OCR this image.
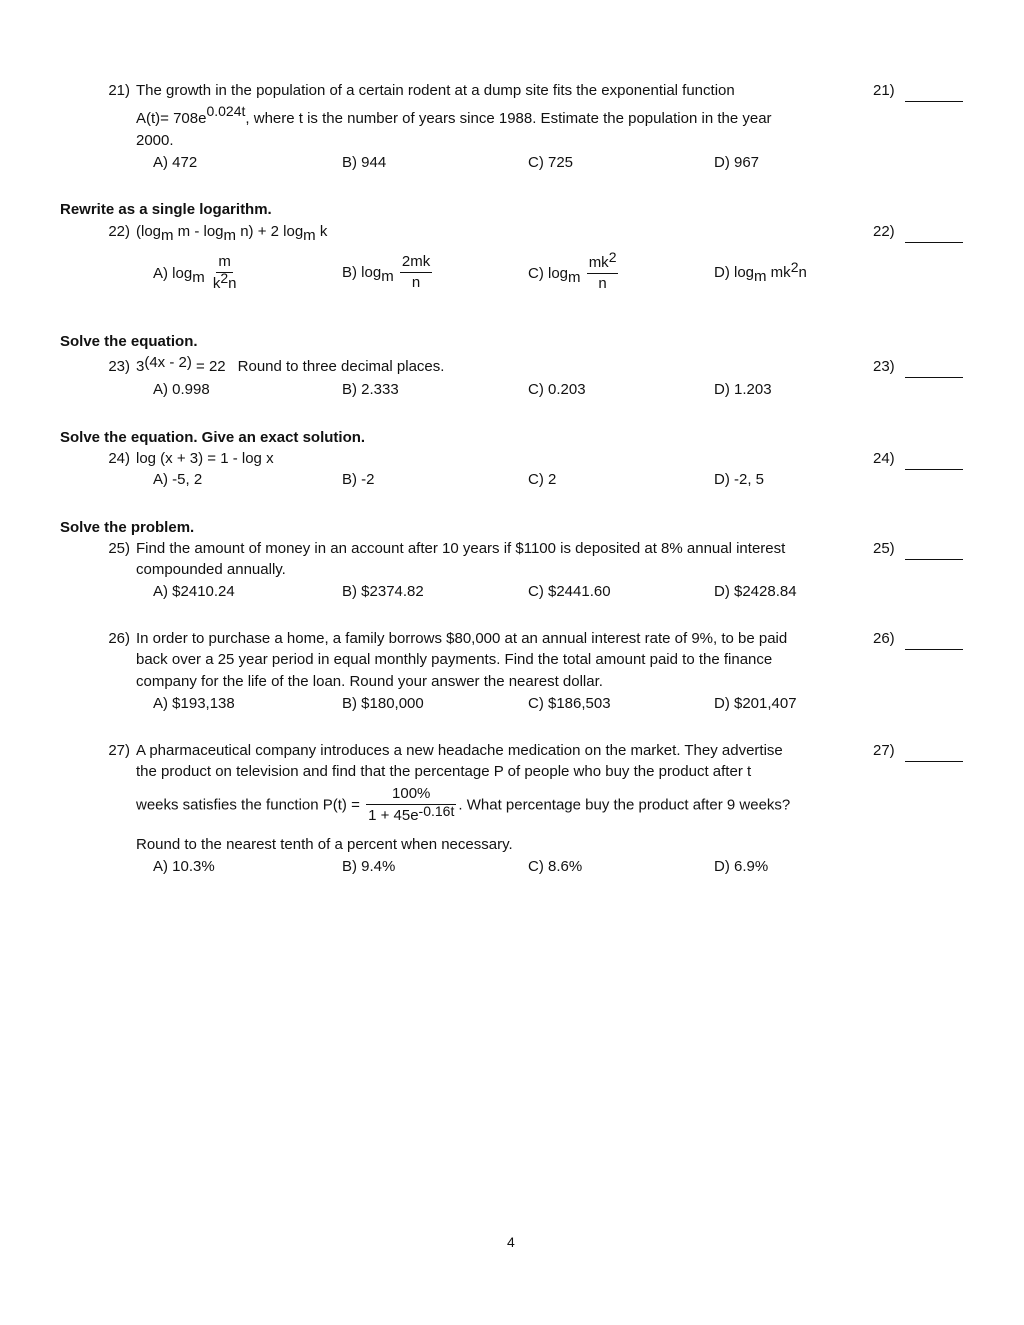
21) The growth in the population of a certain rodent at a dump site fits the exponential function
A(t)= 708e0.024t, where t is the number of years since 1988. Estimate the population in the year
2000.
A) 472	B) 944	C) 725	D) 967
21)
Rewrite as a single logarithm.
22) (logm m - logm n) + 2 logm k	22)
A) logm $\frac{m}{k2n}$	B) logm $\frac{2mk}{n}$	C) logm $\frac{mk2}{n}$	D) logm mk2n
Solve the equation.
23) 3(4x - 2) = 22 Round to three decimal places.
A) 0.998	B) 2.333	C) 0.203	D) 1.203
23)
Solve the equation. Give an exact solution.
24) log (x + 3) = 1 - log x
A) -5, 2	B) -2	C) 2	D) -2, 5
24)
Solve the problem.
25) Find the amount of money in an account after 10 years if $1100 is deposited at 8% annual interest
compounded annually.
A) $2410.24	B) $2374.82	C) $2441.60	D) $2428.84
25)
26) In order to purchase a home, a family borrows $80,000 at an annual interest rate of 9%, to be paid
back over a 25 year period in equal monthly payments. Find the total amount paid to the finance
company for the life of the loan. Round your answer the nearest dollar.
A) $193,138	B) $180,000	C) $186,503	D) $201,407
26)
27) A pharmaceutical company introduces a new headache medication on the market. They advertise
the product on television and find that the percentage P of people who buy the product after t
weeks satisfies the function $P(t) = \frac{100\%}{1 + 45e-0.16t}$ . What percentage buy the product after 9 weeks?
Round to the nearest tenth of a percent when necessary.
A) 10.3%	B) 9.4%	C) 8.6%	D) 6.9%
27)
4
